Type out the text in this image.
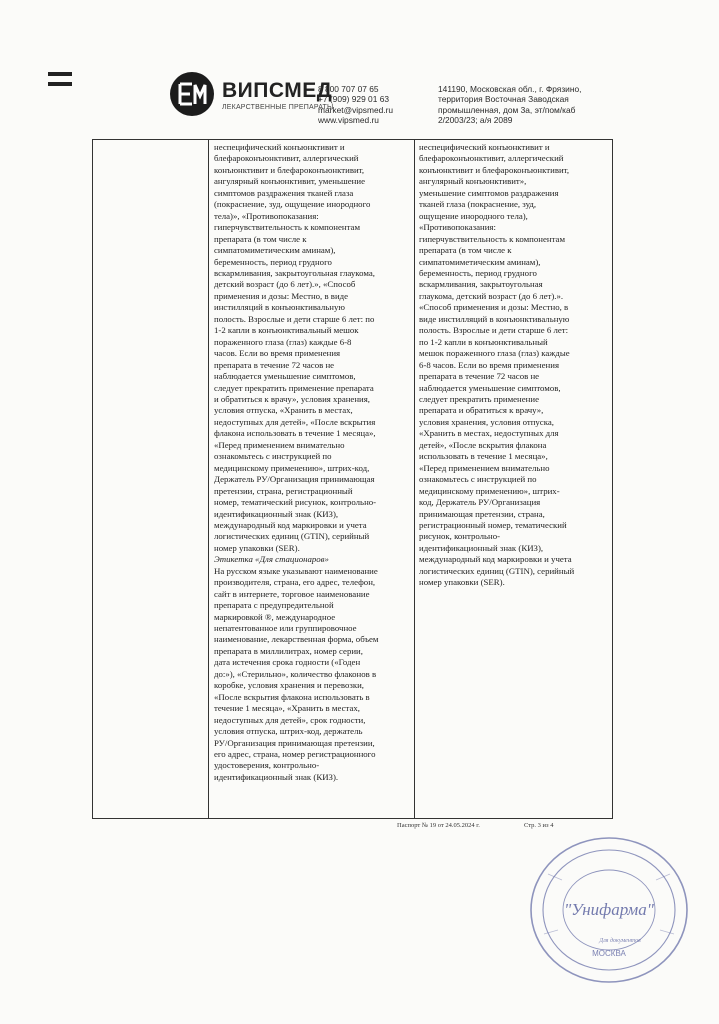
ВИПСМЕД
ЛЕКАРСТВЕННЫЕ ПРЕПАРАТЫ
8 800 707 07 65
+7 (909) 929 01 63
market@vipsmed.ru
www.vipsmed.ru
141190, Московская обл., г. Фрязино,
территория Восточная Заводская
промышленная, дом 3а, эт/пом/каб
2/2003/23; а/я 2089

неспецифический конъюнктивит и

блефароконъюнктивит, аллергический

конъюнктивит и блефароконъюнктивит,

ангулярный конъюнктивит, уменьшение

симптомов раздражения тканей глаза

(покраснение, зуд, ощущение инородного

тела)», «Противопоказания:

гиперчувствительность к компонентам

препарата (в том числе к

симпатомиметическим аминам),

беременность, период грудного

вскармливания, закрытоугольная глаукома,

детский возраст (до 6 лет).», «Способ

применения и дозы: Местно, в виде

инстилляций в конъюнктивальную

полость. Взрослые и дети старше 6 лет: по

1-2 капли в конъюнктивальный мешок

пораженного глаза (глаз) каждые 6-8

часов. Если во время применения

препарата в течение 72 часов не

наблюдается уменьшение симптомов,

следует прекратить применение препарата

и обратиться к врачу», условия хранения,

условия отпуска, «Хранить в местах,

недоступных для детей», «После вскрытия

флакона использовать в течение 1 месяца»,

«Перед применением внимательно

ознакомьтесь с инструкцией по

медицинскому применению», штрих-код,

Держатель РУ/Организация принимающая

претензии, страна, регистрационный

номер, тематический рисунок, контрольно-

идентификационный знак (КИЗ),

международный код маркировки и учета

логистических единиц (GTIN), серийный

номер упаковки (SER).

Этикетка «Для стационаров»

На русском языке указывают наименование

производителя, страна, его адрес, телефон,

сайт в интернете, торговое наименование

препарата с предупредительной

маркировкой ®, международное

непатентованное или группировочное

наименование, лекарственная форма, объем

препарата в миллилитрах, номер серии,

дата истечения срока годности («Годен

до:»), «Стерильно», количество флаконов в

коробке, условия хранения и перевозки,

«После вскрытия флакона использовать в

течение 1 месяца», «Хранить в местах,

недоступных для детей», срок годности,

условия отпуска, штрих-код, держатель

РУ/Организация принимающая претензии,

его адрес, страна, номер регистрационного

удостоверения, контрольно-

идентификационный знак (КИЗ).

неспецифический конъюнктивит и

блефароконъюнктивит, аллергический

конъюнктивит и блефароконъюнктивит,

ангулярный конъюнктивит»,

уменьшение симптомов раздражения

тканей глаза (покраснение, зуд,

ощущение инородного тела),

«Противопоказания:

гиперчувствительность к компонентам

препарата (в том числе к

симпатомиметическим аминам),

беременность, период грудного

вскармливания, закрытоугольная

глаукома, детский возраст (до 6 лет).».

«Способ применения и дозы: Местно, в

виде инстилляций в конъюнктивальную

полость. Взрослые и дети старше 6 лет:

по 1-2 капли в конъюнктивальный

мешок пораженного глаза (глаз) каждые

6-8 часов. Если во время применения

препарата в течение 72 часов не

наблюдается уменьшение симптомов,

следует прекратить применение

препарата и обратиться к врачу»,

условия хранения, условия отпуска,

«Хранить в местах, недоступных для

детей», «После вскрытия флакона

использовать в течение 1 месяца»,

«Перед применением внимательно

ознакомьтесь с инструкцией по

медицинскому применению», штрих-

код, Держатель РУ/Организация

принимающая претензии, страна,

регистрационный номер, тематический

рисунок, контрольно-

идентификационный знак (КИЗ),

международный код маркировки и учета

логистических единиц (GTIN), серийный

номер упаковки (SER).

Паспорт № 19 от 24.05.2024 г.	Стр. 3 из 4
"Унифарма"
МОСКВА
Для документов
